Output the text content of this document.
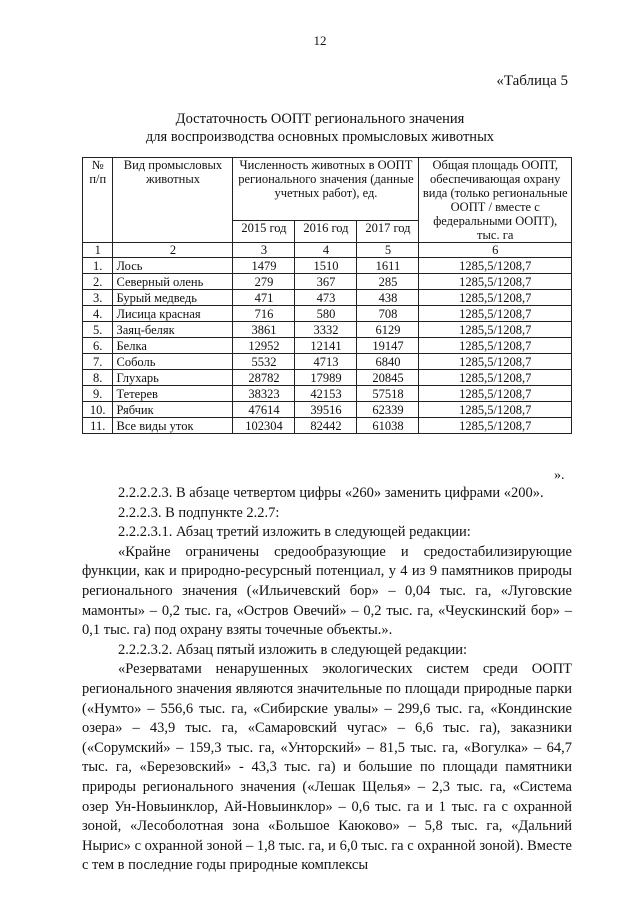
12
«Таблица 5
Достаточность ООПТ регионального значения
для воспроизводства основных промысловых животных
№ п/п	Вид промысловых животных	Численность животных в ООПТ регионального значения (данные учетных работ), ед.			Общая площадь ООПТ, обеспечивающая охрану вида (только региональные ООПТ / вместе с федеральными ООПТ), тыс. га
		2015 год	2016 год	2017 год	
1	2	3	4	5	6
1.	Лось	1479	1510	1611	1285,5/1208,7
2.	Северный олень	279	367	285	1285,5/1208,7
3.	Бурый медведь	471	473	438	1285,5/1208,7
4.	Лисица красная	716	580	708	1285,5/1208,7
5.	Заяц-беляк	3861	3332	6129	1285,5/1208,7
6.	Белка	12952	12141	19147	1285,5/1208,7
7.	Соболь	5532	4713	6840	1285,5/1208,7
8.	Глухарь	28782	17989	20845	1285,5/1208,7
9.	Тетерев	38323	42153	57518	1285,5/1208,7
10.	Рябчик	47614	39516	62339	1285,5/1208,7
11.	Все виды уток	102304	82442	61038	1285,5/1208,7
».

2.2.2.2.3. В абзаце четвертом цифры «260» заменить цифрами «200».

2.2.2.3. В подпункте 2.2.7:

2.2.2.3.1. Абзац третий изложить в следующей редакции:

«Крайне ограничены средообразующие и средостабилизирующие функции, как и природно-ресурсный потенциал, у 4 из 9 памятников природы регионального значения («Ильичевский бор» – 0,04 тыс. га, «Луговские мамонты» – 0,2 тыс. га, «Остров Овечий» – 0,2 тыс. га, «Чеускинский бор» – 0,1 тыс. га) под охрану взяты точечные объекты.».

2.2.2.3.2. Абзац пятый изложить в следующей редакции:

«Резерватами ненарушенных экологических систем среди ООПТ регионального значения являются значительные по площади природные парки («Нумто» – 556,6 тыс. га, «Сибирские увалы» – 299,6 тыс. га, «Кондинские озера» – 43,9 тыс. га, «Самаровский чугас» – 6,6 тыс. га), заказники («Сорумский» – 159,3 тыс. га, «Унторский» – 81,5 тыс. га, «Вогулка» – 64,7 тыс. га, «Березовский» - 43,3 тыс. га) и большие по площади памятники природы регионального значения («Лешак Щелья» – 2,3 тыс. га, «Система озер Ун-Новыинклор, Ай-Новыинклор» – 0,6 тыс. га и 1 тыс. га с охранной зоной, «Лесоболотная зона «Большое Каюково» – 5,8 тыс. га, «Дальний Нырис» с охранной зоной – 1,8 тыс. га, и 6,0 тыс. га с охранной зоной). Вместе с тем в последние годы природные комплексы
